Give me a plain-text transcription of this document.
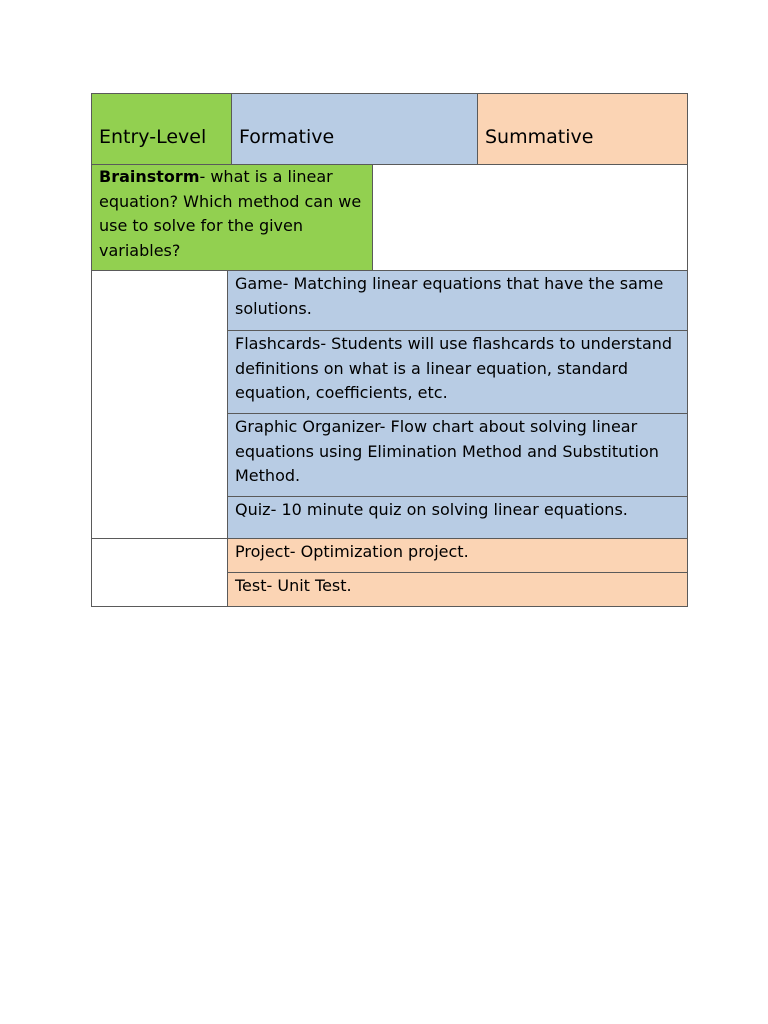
Entry-Level	Formative	Summative
Brainstorm- what is a linear equation? Which method can we use to solve for the given variables?
Game- Matching linear equations that have the same solutions.
Flashcards- Students will use flashcards to understand definitions on what is a linear equation, standard equation, coefficients, etc.
Graphic Organizer- Flow chart about solving linear equations using Elimination Method and Substitution Method.
Quiz- 10 minute quiz on solving linear equations.
Project- Optimization project.
Test- Unit Test.
